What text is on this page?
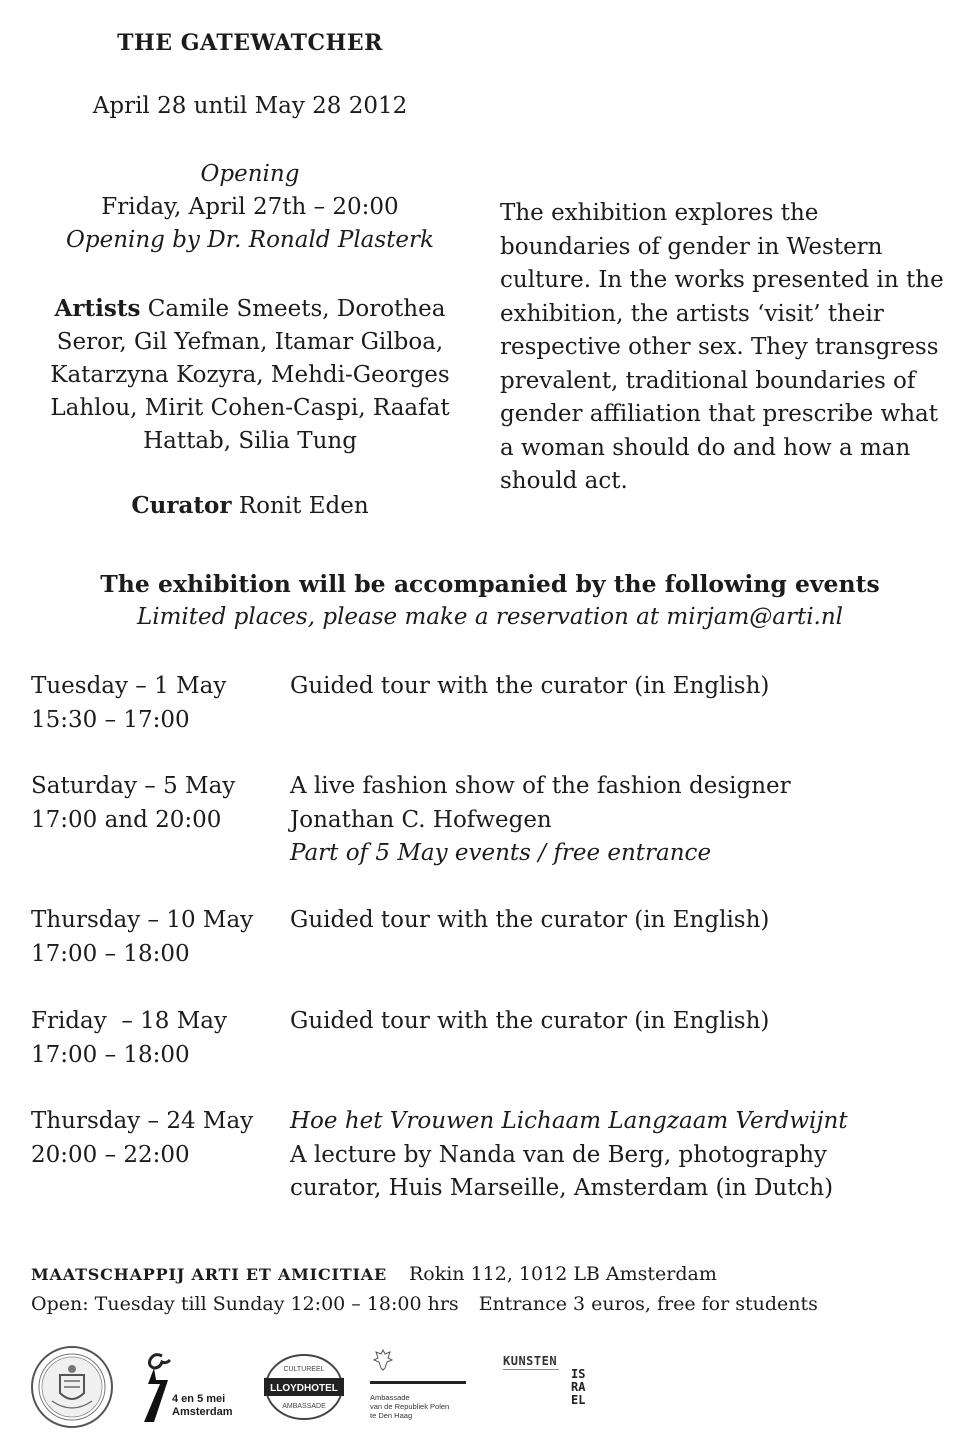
THE GATEWATCHER
April 28 until May 28 2012
Opening
Friday, April 27th – 20:00
Opening by Dr. Ronald Plasterk
Artists Camile Smeets, Dorothea Seror, Gil Yefman, Itamar Gilboa, Katarzyna Kozyra, Mehdi-Georges Lahlou, Mirit Cohen-Caspi, Raafat Hattab, Silia Tung
Curator Ronit Eden
The exhibition explores the boundaries of gender in Western culture. In the works presented in the exhibition, the artists ‘visit’ their respective other sex. They transgress prevalent, traditional boundaries of gender affiliation that prescribe what a woman should do and how a man should act.
The exhibition will be accompanied by the following events
Limited places, please make a reservation at mirjam@arti.nl
Tuesday – 1 May
15:30 – 17:00
Guided tour with the curator (in English)
Saturday – 5 May
17:00 and 20:00
A live fashion show of the fashion designer
Jonathan C. Hofwegen
Part of 5 May events / free entrance
Thursday – 10 May
17:00 – 18:00
Guided tour with the curator (in English)
Friday  – 18 May
17:00 – 18:00
Guided tour with the curator (in English)
Thursday – 24 May
20:00 – 22:00
Hoe het Vrouwen Lichaam Langzaam Verdwijnt
A lecture by Nanda van de Berg, photography
curator, Huis Marseille, Amsterdam (in Dutch)
MAATSCHAPPIJ ARTI ET AMICITIAE Rokin 112, 1012 LB Amsterdam
Open: Tuesday till Sunday 12:00 – 18:00 hrs Entrance 3 euros, free for students
4 en 5 mei
Amsterdam
LLOYDHOTEL
CULTUREEL
AMBASSADE
Ambassade
van de Republiek Polen
te Den Haag
KUNSTEN
IS
RA
EL
